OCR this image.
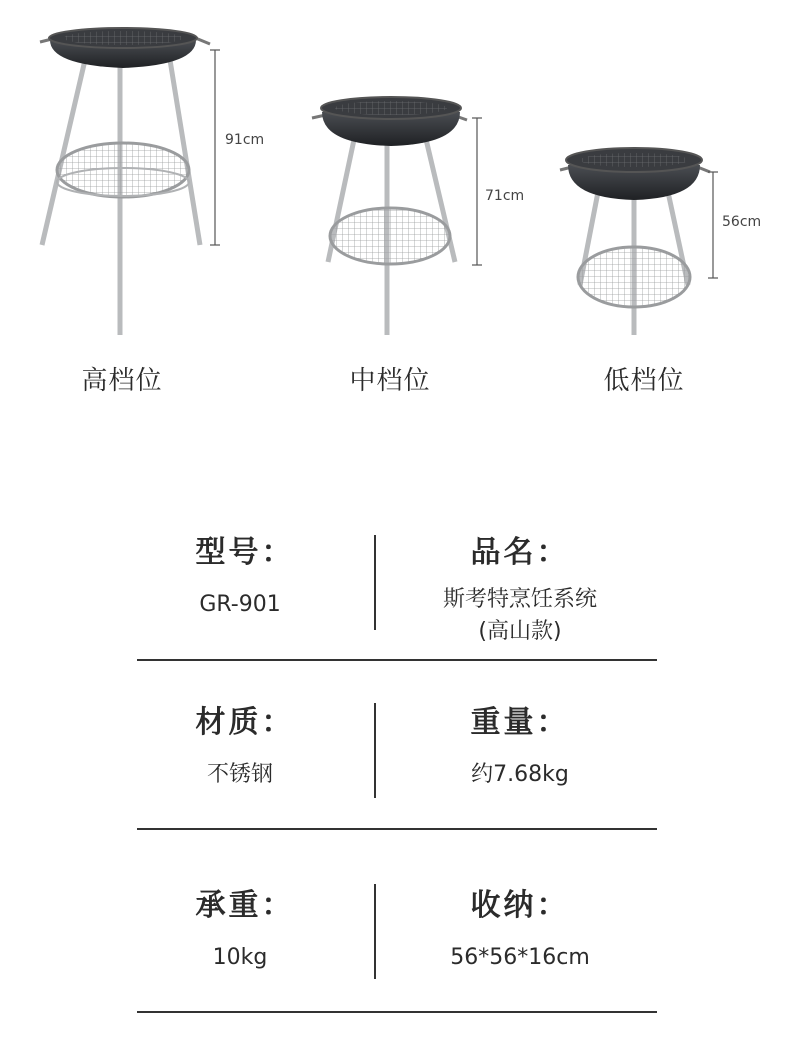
91cm
71cm
56cm
高档位	中档位	低档位
型号：
GR-901
品名：
斯考特烹饪系统
(高山款)
材质：
不锈钢
重量：
约7.68kg
承重：
10kg
收纳：
56*56*16cm
